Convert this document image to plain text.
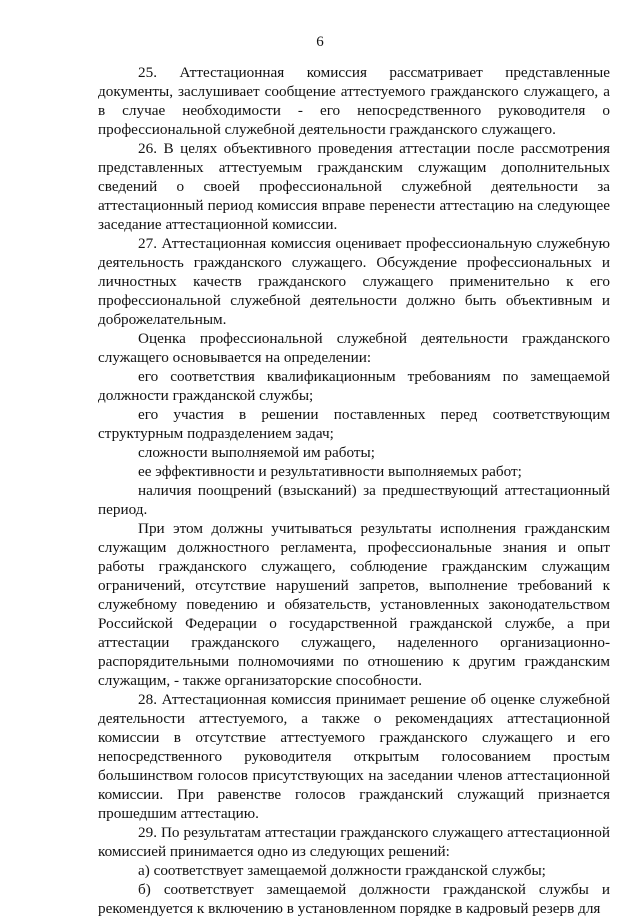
6

25. Аттестационная комиссия рассматривает представленные документы, заслушивает сообщение аттестуемого гражданского служащего, а в случае необходимости - его непосредственного руководителя о профессиональной служебной деятельности гражданского служащего.

26. В целях объективного проведения аттестации после рассмотрения представленных аттестуемым гражданским служащим дополнительных сведений о своей профессиональной служебной деятельности за аттестационный период комиссия вправе перенести аттестацию на следующее заседание аттестационной комиссии.

27. Аттестационная комиссия оценивает профессиональную служебную деятельность гражданского служащего. Обсуждение профессиональных и личностных качеств гражданского служащего применительно к его профессиональной служебной деятельности должно быть объективным и доброжелательным.

Оценка профессиональной служебной деятельности гражданского служащего основывается на определении:

его соответствия квалификационным требованиям по замещаемой должности гражданской службы;

его участия в решении поставленных перед соответствующим структурным подразделением задач;

сложности выполняемой им работы;

ее эффективности и результативности выполняемых работ;

наличия поощрений (взысканий) за предшествующий аттестационный период.

При этом должны учитываться результаты исполнения гражданским служащим должностного регламента, профессиональные знания и опыт работы гражданского служащего, соблюдение гражданским служащим ограничений, отсутствие нарушений запретов, выполнение требований к служебному поведению и обязательств, установленных законодательством Российской Федерации о государственной гражданской службе, а при аттестации гражданского служащего, наделенного организационно-распорядительными полномочиями по отношению к другим гражданским служащим, - также организаторские способности.

28. Аттестационная комиссия принимает решение об оценке служебной деятельности аттестуемого, а также о рекомендациях аттестационной комиссии в отсутствие аттестуемого гражданского служащего и его непосредственного руководителя открытым голосованием простым большинством голосов присутствующих на заседании членов аттестационной комиссии. При равенстве голосов гражданский служащий признается прошедшим аттестацию.

29. По результатам аттестации гражданского служащего аттестационной комиссией принимается одно из следующих решений:

а) соответствует замещаемой должности гражданской службы;

б) соответствует замещаемой должности гражданской службы и рекомендуется к включению в установленном порядке в кадровый резерв для
